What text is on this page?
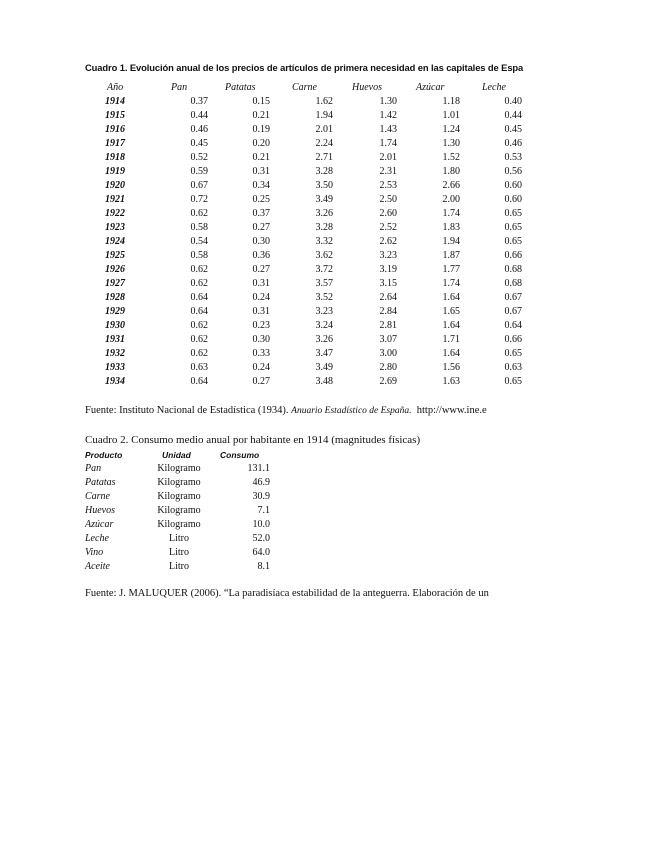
Cuadro 1. Evolución anual de los precios de artículos de primera necesidad en las capitales de Espa
Año	Pan	Patatas	Carne	Huevos	Azúcar	Leche
1914	0.37	0.15	1.62	1.30	1.18	0.40
1915	0.44	0.21	1.94	1.42	1.01	0.44
1916	0.46	0.19	2.01	1.43	1.24	0.45
1917	0.45	0.20	2.24	1.74	1.30	0.46
1918	0.52	0.21	2.71	2.01	1.52	0.53
1919	0.59	0.31	3.28	2.31	1.80	0.56
1920	0.67	0.34	3.50	2.53	2.66	0.60
1921	0.72	0.25	3.49	2.50	2.00	0.60
1922	0.62	0.37	3.26	2.60	1.74	0.65
1923	0.58	0.27	3.28	2.52	1.83	0.65
1924	0.54	0.30	3.32	2.62	1.94	0.65
1925	0.58	0.36	3.62	3.23	1.87	0.66
1926	0.62	0.27	3.72	3.19	1.77	0.68
1927	0.62	0.31	3.57	3.15	1.74	0.68
1928	0.64	0.24	3.52	2.64	1.64	0.67
1929	0.64	0.31	3.23	2.84	1.65	0.67
1930	0.62	0.23	3.24	2.81	1.64	0.64
1931	0.62	0.30	3.26	3.07	1.71	0.66
1932	0.62	0.33	3.47	3.00	1.64	0.65
1933	0.63	0.24	3.49	2.80	1.56	0.63
1934	0.64	0.27	3.48	2.69	1.63	0.65
Fuente: Instituto Nacional de Estadística (1934). Anuario Estadístico de España. http://www.ine.e
Cuadro 2. Consumo medio anual por habitante en 1914 (magnitudes físicas)
Producto	Unidad	Consumo
Pan	Kilogramo	131.1
Patatas	Kilogramo	46.9
Carne	Kilogramo	30.9
Huevos	Kilogramo	7.1
Azúcar	Kilogramo	10.0
Leche	Litro	52.0
Vino	Litro	64.0
Aceite	Litro	8.1
Fuente: J. MALUQUER (2006). “La paradisíaca estabilidad de la anteguerra. Elaboración de un
